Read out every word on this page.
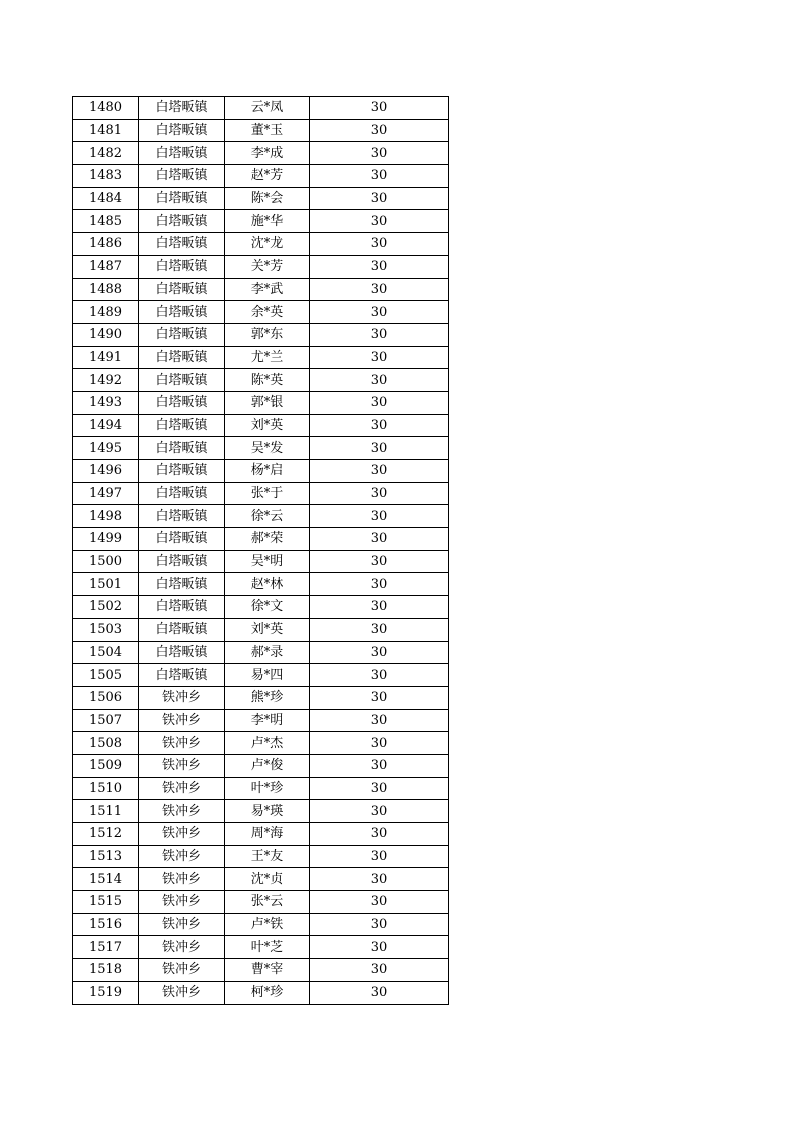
1480	白塔畈镇	云*凤	30
1481	白塔畈镇	董*玉	30
1482	白塔畈镇	李*成	30
1483	白塔畈镇	赵*芳	30
1484	白塔畈镇	陈*会	30
1485	白塔畈镇	施*华	30
1486	白塔畈镇	沈*龙	30
1487	白塔畈镇	关*芳	30
1488	白塔畈镇	李*武	30
1489	白塔畈镇	余*英	30
1490	白塔畈镇	郭*东	30
1491	白塔畈镇	尤*兰	30
1492	白塔畈镇	陈*英	30
1493	白塔畈镇	郭*银	30
1494	白塔畈镇	刘*英	30
1495	白塔畈镇	吴*发	30
1496	白塔畈镇	杨*启	30
1497	白塔畈镇	张*于	30
1498	白塔畈镇	徐*云	30
1499	白塔畈镇	郝*荣	30
1500	白塔畈镇	吴*明	30
1501	白塔畈镇	赵*林	30
1502	白塔畈镇	徐*文	30
1503	白塔畈镇	刘*英	30
1504	白塔畈镇	郝*录	30
1505	白塔畈镇	易*四	30
1506	铁冲乡	熊*珍	30
1507	铁冲乡	李*明	30
1508	铁冲乡	卢*杰	30
1509	铁冲乡	卢*俊	30
1510	铁冲乡	叶*珍	30
1511	铁冲乡	易*瑛	30
1512	铁冲乡	周*海	30
1513	铁冲乡	王*友	30
1514	铁冲乡	沈*贞	30
1515	铁冲乡	张*云	30
1516	铁冲乡	卢*铁	30
1517	铁冲乡	叶*芝	30
1518	铁冲乡	曹*宰	30
1519	铁冲乡	柯*珍	30
